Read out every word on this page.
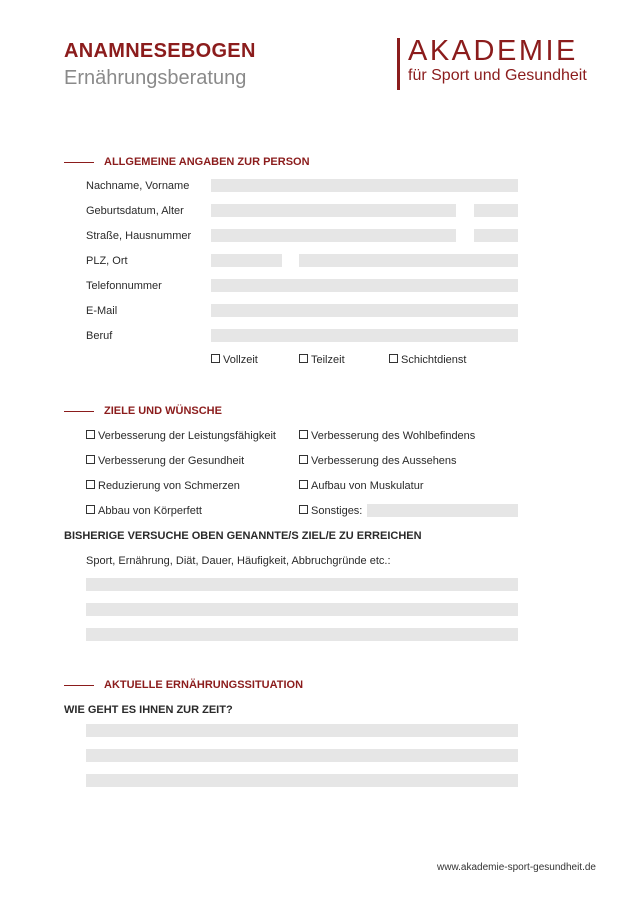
ANAMNESEBOGEN
Ernährungsberatung
AKADEMIE
für Sport und Gesundheit
ALLGEMEINE ANGABEN ZUR PERSON
Nachname, Vorname
Geburtsdatum, Alter
Straße, Hausnummer
PLZ, Ort
Telefonnummer
E-Mail
Beruf
Vollzeit	Teilzeit	Schichtdienst
ZIELE UND WÜNSCHE
Verbesserung der Leistungsfähigkeit
Verbesserung der Gesundheit
Reduzierung von Schmerzen
Abbau von Körperfett
Verbesserung des Wohlbefindens
Verbesserung des Aussehens
Aufbau von Muskulatur
Sonstiges:
BISHERIGE VERSUCHE OBEN GENANNTE/S ZIEL/E ZU ERREICHEN
Sport, Ernährung, Diät, Dauer, Häufigkeit, Abbruchgründe etc.:
AKTUELLE ERNÄHRUNGSSITUATION
WIE GEHT ES IHNEN ZUR ZEIT?
www.akademie-sport-gesundheit.de
